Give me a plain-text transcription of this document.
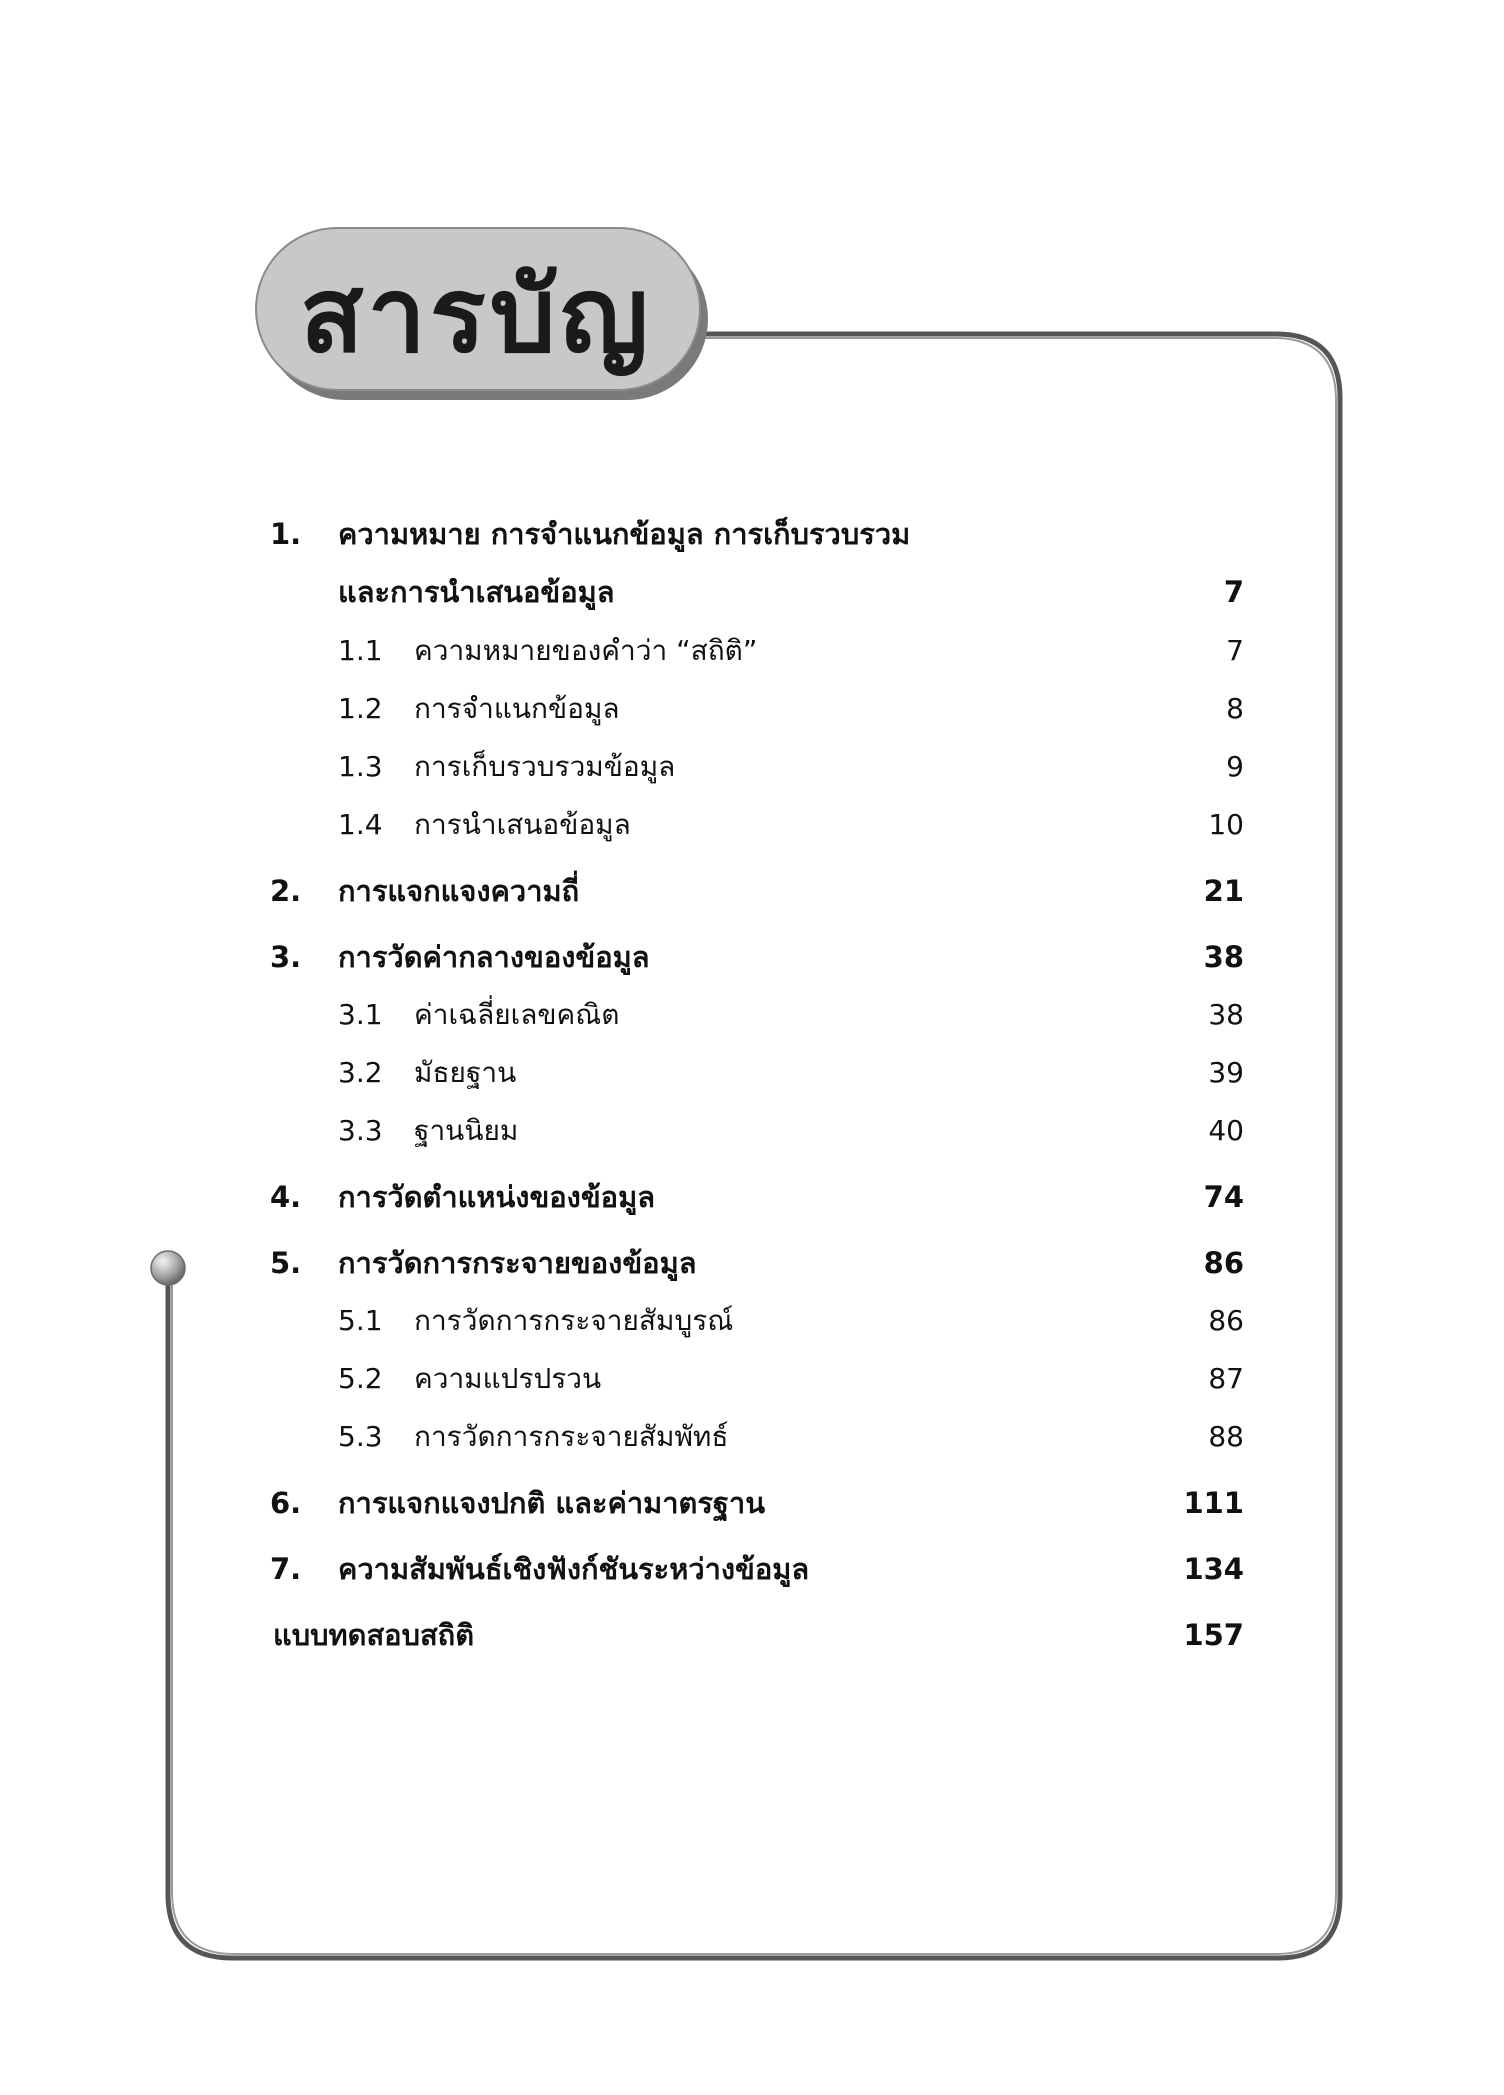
สารบัญ
1. ความหมาย การจำแนกข้อมูล การเก็บรวบรวม
และการนำเสนอข้อมูล	7
1.1 ความหมายของคำว่า “สถิติ”	7
1.2 การจำแนกข้อมูล	8
1.3 การเก็บรวบรวมข้อมูล	9
1.4 การนำเสนอข้อมูล	10
2. การแจกแจงความถี่	21
3. การวัดค่ากลางของข้อมูล	38
3.1 ค่าเฉลี่ยเลขคณิต	38
3.2 มัธยฐาน	39
3.3 ฐานนิยม	40
4. การวัดตำแหน่งของข้อมูล	74
5. การวัดการกระจายของข้อมูล	86
5.1 การวัดการกระจายสัมบูรณ์	86
5.2 ความแปรปรวน	87
5.3 การวัดการกระจายสัมพัทธ์	88
6. การแจกแจงปกติ และค่ามาตรฐาน	111
7. ความสัมพันธ์เชิงฟังก์ชันระหว่างข้อมูล	134
แบบทดสอบสถิติ	157
